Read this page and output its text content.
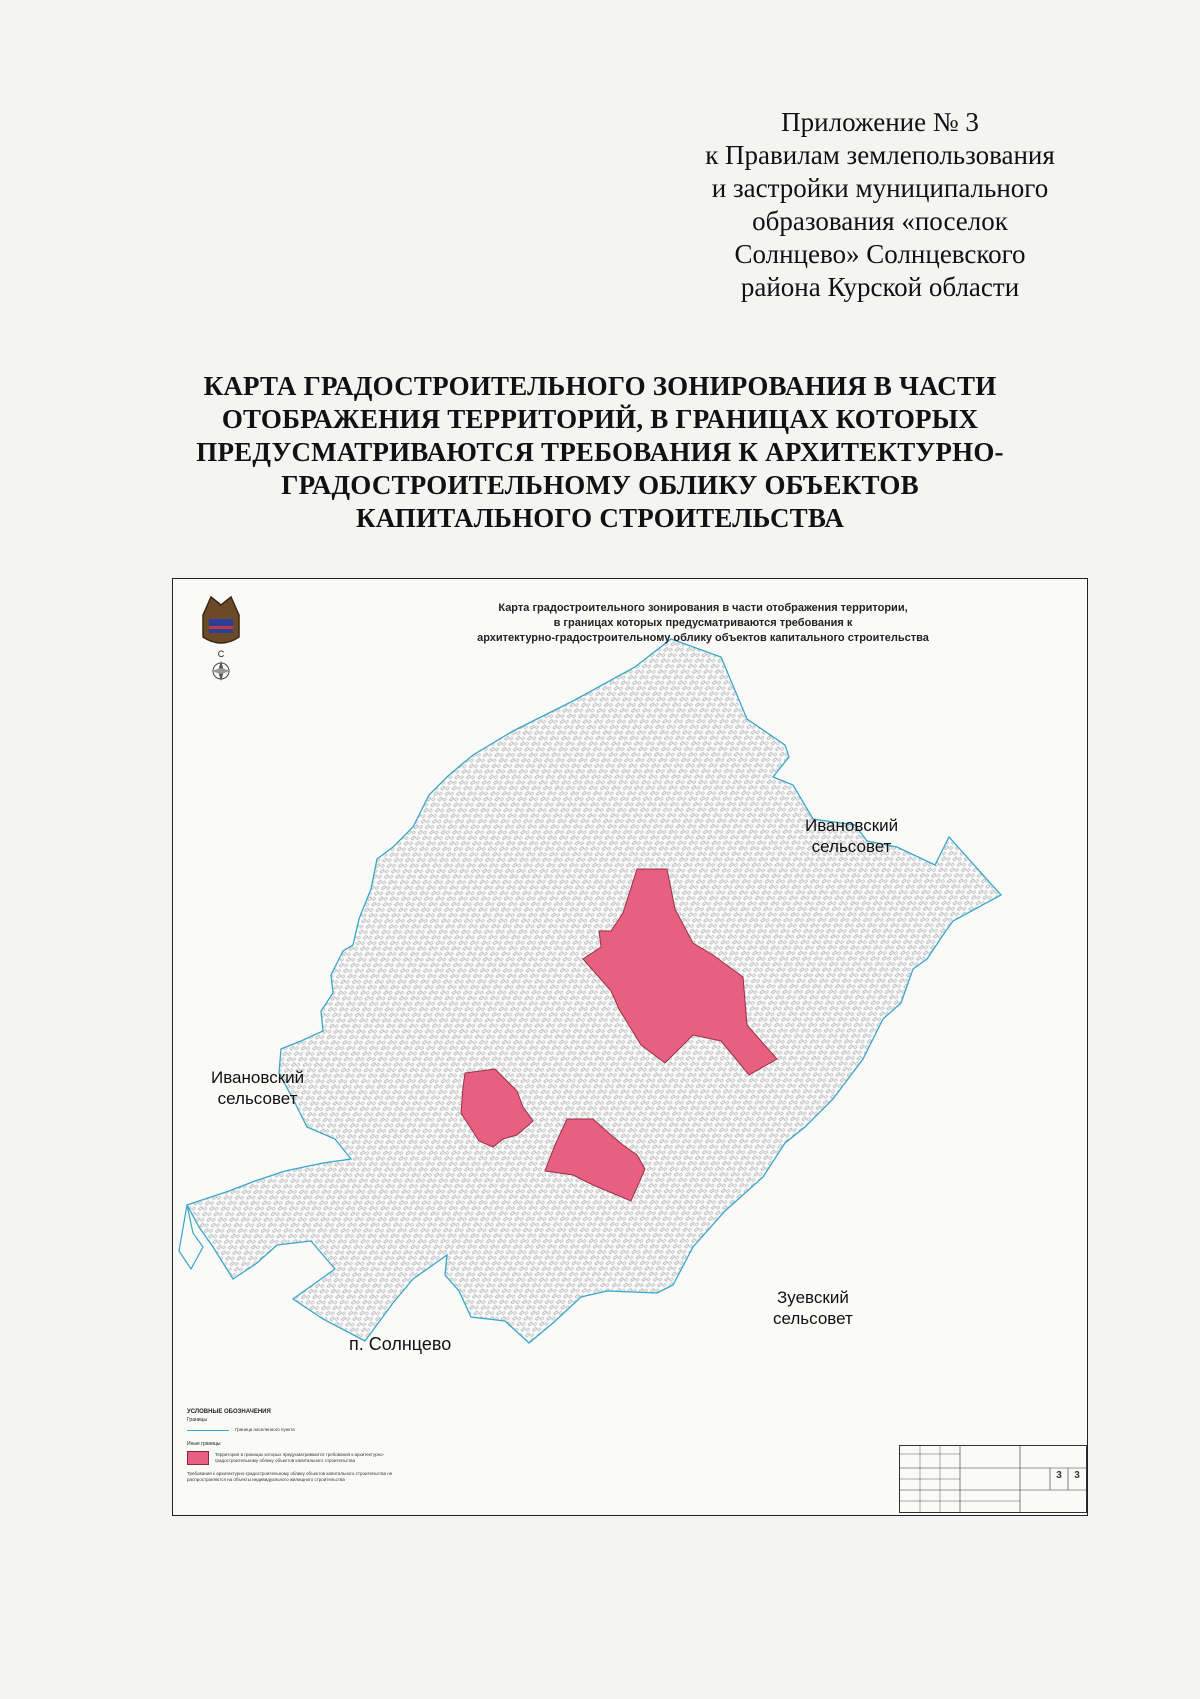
Приложение № 3
к Правилам землепользования
и застройки муниципального
образования «поселок
Солнцево» Солнцевского
района Курской области
КАРТА ГРАДОСТРОИТЕЛЬНОГО ЗОНИРОВАНИЯ В ЧАСТИ
ОТОБРАЖЕНИЯ ТЕРРИТОРИЙ, В ГРАНИЦАХ КОТОРЫХ
ПРЕДУСМАТРИВАЮТСЯ ТРЕБОВАНИЯ К АРХИТЕКТУРНО-
ГРАДОСТРОИТЕЛЬНОМУ ОБЛИКУ ОБЪЕКТОВ
КАПИТАЛЬНОГО СТРОИТЕЛЬСТВА
С
Карта градостроительного зонирования в части отображения территории,
в границах которых предусматриваются требования к
архитектурно-градостроительному облику объектов капитального строительства
Ивановский
сельсовет
Ивановский
сельсовет
Зуевский
сельсовет
п. Солнцево
УСЛОВНЫЕ ОБОЗНАЧЕНИЯ
Границы
Граница населенного пункта
Иные границы
Территория в границах которых предусматриваются требования к архитектурно-градостроительному облику объектов капитального строительства
Требования к архитектурно-градостроительному облику объектов капитального строительства не распространяются на объекты индивидуального жилищного строительства	3	3
